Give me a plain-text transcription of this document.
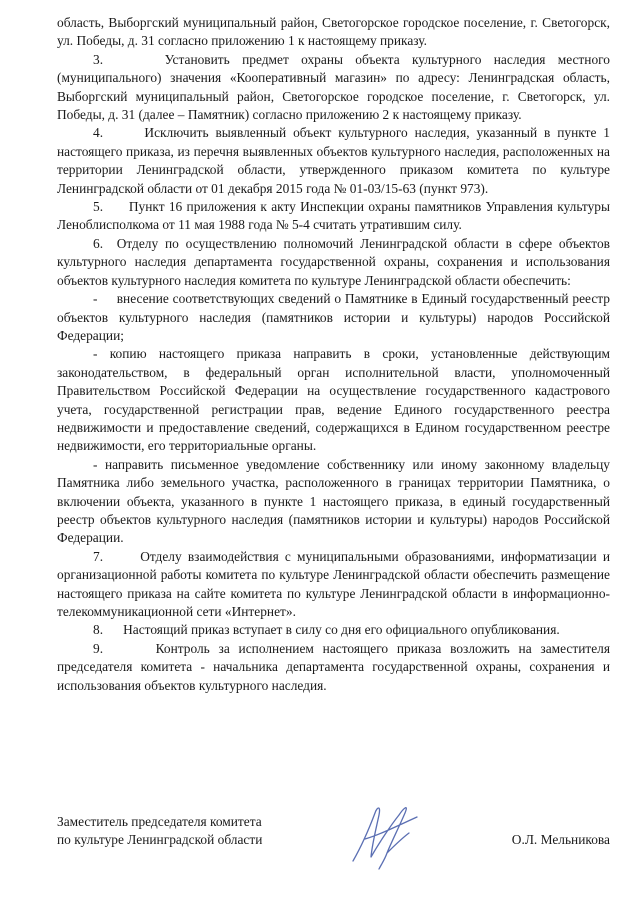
область, Выборгский муниципальный район, Светогорское городское поселение, г. Светогорск, ул. Победы, д. 31 согласно приложению 1 к настоящему приказу.

3.     Установить предмет охраны объекта культурного наследия местного (муниципального) значения «Кооперативный магазин» по адресу: Ленинградская область, Выборгский муниципальный район, Светогорское городское поселение, г. Светогорск, ул. Победы, д. 31 (далее – Памятник) согласно приложению 2 к настоящему приказу.

4.      Исключить выявленный объект культурного наследия, указанный в пункте 1 настоящего приказа, из перечня выявленных объектов культурного наследия, расположенных на территории Ленинградской области, утвержденного приказом комитета по культуре Ленинградской области от 01 декабря 2015 года № 01-03/15-63 (пункт 973).

5.      Пункт 16 приложения к акту Инспекции охраны памятников Управления культуры Леноблисполкома от 11 мая 1988 года № 5-4 считать утратившим силу.

6.  Отделу по осуществлению полномочий Ленинградской области в сфере объектов культурного наследия департамента государственной охраны, сохранения и использования объектов культурного наследия комитета по культуре Ленинградской области обеспечить:

-     внесение соответствующих сведений о Памятнике в Единый государственный реестр объектов культурного наследия (памятников истории и культуры) народов Российской Федерации;

- копию настоящего приказа направить в сроки, установленные действующим законодательством, в федеральный орган исполнительной власти, уполномоченный Правительством Российской Федерации на осуществление государственного кадастрового учета, государственной регистрации прав, ведение Единого государственного реестра недвижимости и предоставление сведений, содержащихся в Едином государственном реестре недвижимости, его территориальные органы.

- направить письменное уведомление собственнику или иному законному владельцу Памятника либо земельного участка, расположенного в границах территории Памятника, о включении объекта, указанного в пункте 1 настоящего приказа, в единый государственный реестр объектов культурного наследия (памятников истории и культуры) народов Российской Федерации.

7.      Отделу взаимодействия с муниципальными образованиями, информатизации и организационной работы комитета по культуре Ленинградской области обеспечить размещение настоящего приказа на сайте комитета по культуре Ленинградской области в информационно-телекоммуникационной сети «Интернет».

8.      Настоящий приказ вступает в силу со дня его официального опубликования.

9.      Контроль за исполнением настоящего приказа возложить на заместителя председателя комитета - начальника департамента государственной охраны, сохранения и использования объектов культурного наследия.

Заместитель председателя комитета
по культуре Ленинградской области	О.Л. Мельникова
